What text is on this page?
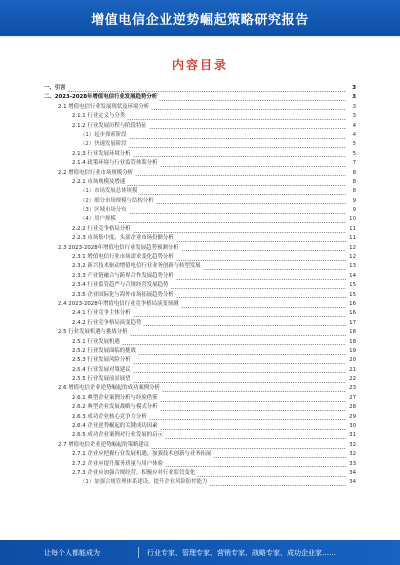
增值电信企业逆势崛起策略研究报告
内容目录
一、引言	3
二、2023-2028年增值电信行业发展趋势分析	3
2.1 增值电信行业发展现状及环境分析	3
2.1.1 行业定义与分类	3
2.1.2 行业发展历程与阶段特征	4
（1）起步探索阶段	4
（2）快速发展阶段	5
2.1.3 行业发展环境分析	5
2.1.4 政策环境与行业监管体系分析	7
2.2 增值电信行业市场规模分析	8
2.2.1 市场规模及增速	8
（1）市场发展总体规模	8
（2）细分市场规模与结构分析	9
（3）区域市场分布	9
（4）用户规模	10
2.2.2 行业竞争格局分析	11
2.2.3 市场集中度、头部企业市场份额分析	11
2.3 2023-2028年增值电信行业发展趋势预测分析	12
2.3.1 增值电信行业市场需求变化趋势分析	12
2.3.2 新兴技术驱动增值电信行业业务创新与转型发展	13
2.3.3 产业链融合与跨界合作发展趋势分析	14
2.3.4 行业监管趋严与合规经营发展趋势	15
2.3.5 企业国际化与海外市场拓展趋势分析	15
2.4 2023-2028年增值电信行业竞争格局演变预测	16
2.4.1 行业竞争主体分析	16
2.4.2 行业竞争格局演变趋势	17
2.5 行业发展机遇与挑战分析	18
2.5.1 行业发展机遇	18
2.5.2 行业发展面临的挑战	19
2.5.3 行业发展风险分析	20
2.5.4 行业发展对策建议	21
2.5.5 行业发展前景展望	22
2.6 增值电信企业逆势崛起的成功案例分析	23
2.6.1 典型企业案例分析与经验借鉴	27
2.6.2 典型企业发展战略与模式分析	28
2.6.3 成功企业核心竞争力分析	29
2.6.4 企业逆势崛起的关键成功因素	30
2.6.5 成功企业案例对行业发展的启示	31
2.7 增值电信企业逆势崛起的策略建议	32
2.7.1 企业应把握行业发展机遇，加强技术创新与业务拓展	32
2.7.2 企业应提升服务质量与用户体验	33
2.7.3 企业应加强合规经营，积极应对行业监管变化	34
（1）加强合规管理体系建设，提升企业风险防控能力	34
让每个人都能成为	行业专家、管理专家、营销专家、战略专家、成功企业家……
